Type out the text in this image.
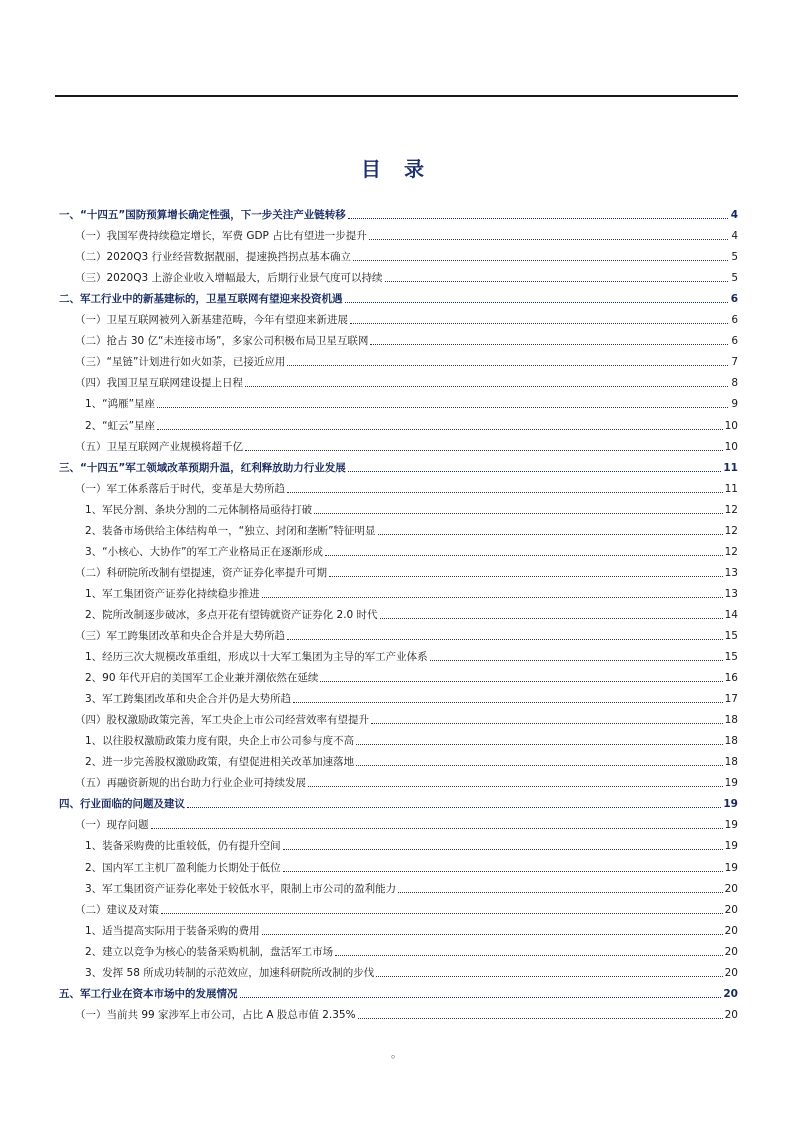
目 录
一、“十四五”国防预算增长确定性强，下一步关注产业链转移	4
（一）我国军费持续稳定增长，军费 GDP 占比有望进一步提升	4
（二）2020Q3 行业经营数据靓丽，提速换挡拐点基本确立	5
（三）2020Q3 上游企业收入增幅最大，后期行业景气度可以持续	5
二、军工行业中的新基建标的，卫星互联网有望迎来投资机遇	6
（一）卫星互联网被列入新基建范畴，今年有望迎来新进展	6
（二）抢占 30 亿“未连接市场”，多家公司积极布局卫星互联网	6
（三）“星链”计划进行如火如荼，已接近应用	7
（四）我国卫星互联网建设提上日程	8
1、“鸿雁”星座	9
2、“虹云”星座	10
（五）卫星互联网产业规模将超千亿	10
三、“十四五”军工领域改革预期升温，红利释放助力行业发展	11
（一）军工体系落后于时代，变革是大势所趋	11
1、军民分割、条块分割的二元体制格局亟待打破	12
2、装备市场供给主体结构单一，“独立、封闭和垄断”特征明显	12
3、“小核心、大协作”的军工产业格局正在逐渐形成	12
（二）科研院所改制有望提速，资产证券化率提升可期	13
1、军工集团资产证券化持续稳步推进	13
2、院所改制逐步破冰，多点开花有望铸就资产证券化 2.0 时代	14
（三）军工跨集团改革和央企合并是大势所趋	15
1、经历三次大规模改革重组，形成以十大军工集团为主导的军工产业体系	15
2、90 年代开启的美国军工企业兼并潮依然在延续	16
3、军工跨集团改革和央企合并仍是大势所趋	17
（四）股权激励政策完善，军工央企上市公司经营效率有望提升	18
1、以往股权激励政策力度有限，央企上市公司参与度不高	18
2、进一步完善股权激励政策，有望促进相关改革加速落地	18
（五）再融资新规的出台助力行业企业可持续发展	19
四、行业面临的问题及建议	19
（一）现存问题	19
1、装备采购费的比重较低，仍有提升空间	19
2、国内军工主机厂盈利能力长期处于低位	19
3、军工集团资产证券化率处于较低水平，限制上市公司的盈利能力	20
（二）建议及对策	20
1、适当提高实际用于装备采购的费用	20
2、建立以竞争为核心的装备采购机制，盘活军工市场	20
3、发挥 58 所成功转制的示范效应，加速科研院所改制的步伐	20
五、军工行业在资本市场中的发展情况	20
（一）当前共 99 家涉军上市公司，占比 A 股总市值 2.35%	20
。
